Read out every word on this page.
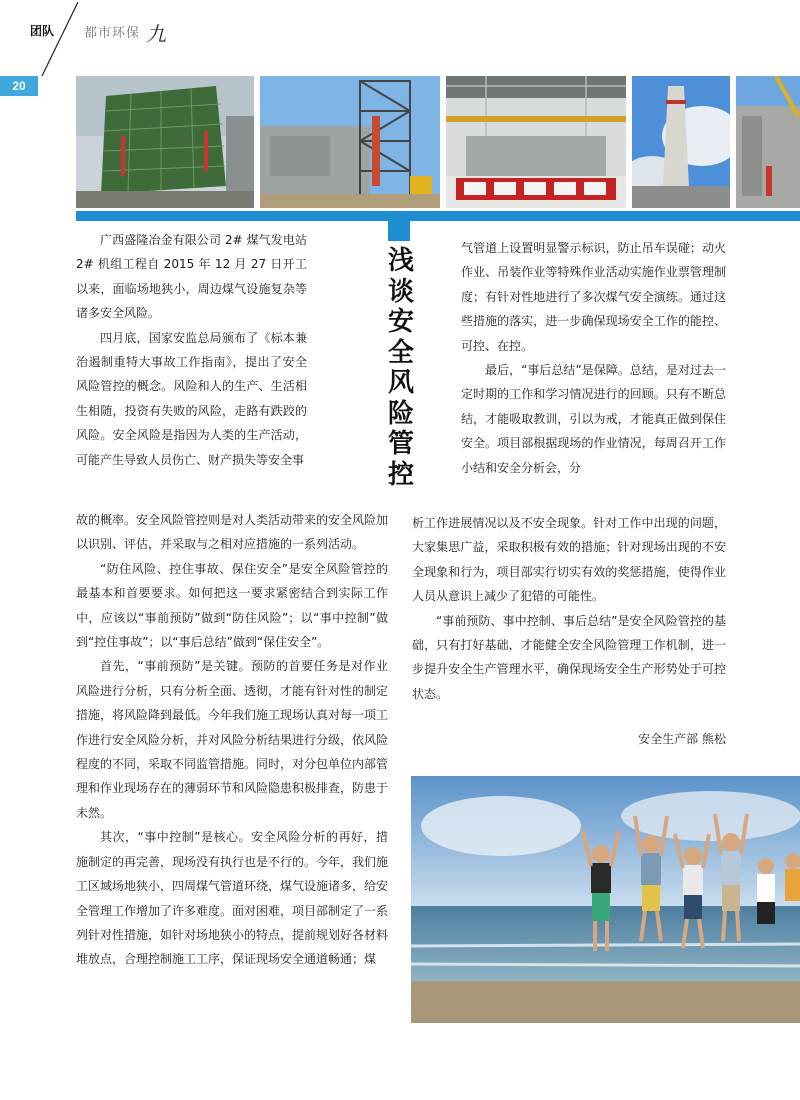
团队 都市环保 九
20
浅
谈
安
全
风
险
管
控

广西盛隆冶金有限公司 2# 煤气发电站 2# 机组工程自 2015 年 12 月 27 日开工以来，面临场地狭小，周边煤气设施复杂等诸多安全风险。

四月底，国家安监总局颁布了《标本兼治遏制重特大事故工作指南》，提出了安全风险管控的概念。风险和人的生产、生活相生相随，投资有失败的风险，走路有跌跤的风险。安全风险是指因为人类的生产活动，可能产生导致人员伤亡、财产损失等安全事

故的概率。安全风险管控则是对人类活动带来的安全风险加以识别、评估，并采取与之相对应措施的一系列活动。

“防住风险、控住事故、保住安全”是安全风险管控的最基本和首要要求。如何把这一要求紧密结合到实际工作中，应该以“事前预防”做到“防住风险”；以“事中控制”做到“控住事故”；以“事后总结”做到“保住安全”。

首先，“事前预防”是关键。预防的首要任务是对作业风险进行分析，只有分析全面、透彻，才能有针对性的制定措施，将风险降到最低。今年我们施工现场认真对每一项工作进行安全风险分析，并对风险分析结果进行分级，依风险程度的不同，采取不同监管措施。同时，对分包单位内部管理和作业现场存在的薄弱环节和风险隐患积极排查，防患于未然。

其次，“事中控制”是核心。安全风险分析的再好，措施制定的再完善，现场没有执行也是不行的。今年，我们施工区域场地狭小，四周煤气管道环绕，煤气设施诸多，给安全管理工作增加了许多难度。面对困难，项目部制定了一系列针对性措施，如针对场地狭小的特点，提前规划好各材料堆放点，合理控制施工工序，保证现场安全通道畅通；煤

气管道上设置明显警示标识，防止吊车误碰；动火作业、吊装作业等特殊作业活动实施作业票管理制度；有针对性地进行了多次煤气安全演练。通过这些措施的落实，进一步确保现场安全工作的能控、可控、在控。

最后，“事后总结”是保障。总结，是对过去一定时期的工作和学习情况进行的回顾。只有不断总结，才能吸取教训，引以为戒，才能真正做到保住安全。项目部根据现场的作业情况，每周召开工作小结和安全分析会，分

析工作进展情况以及不安全现象。针对工作中出现的问题，大家集思广益，采取积极有效的措施；针对现场出现的不安全现象和行为，项目部实行切实有效的奖惩措施，使得作业人员从意识上减少了犯错的可能性。

“事前预防、事中控制、事后总结”是安全风险管控的基础，只有打好基础，才能健全安全风险管理工作机制，进一步提升安全生产管理水平，确保现场安全生产形势处于可控状态。

安全生产部 熊松
